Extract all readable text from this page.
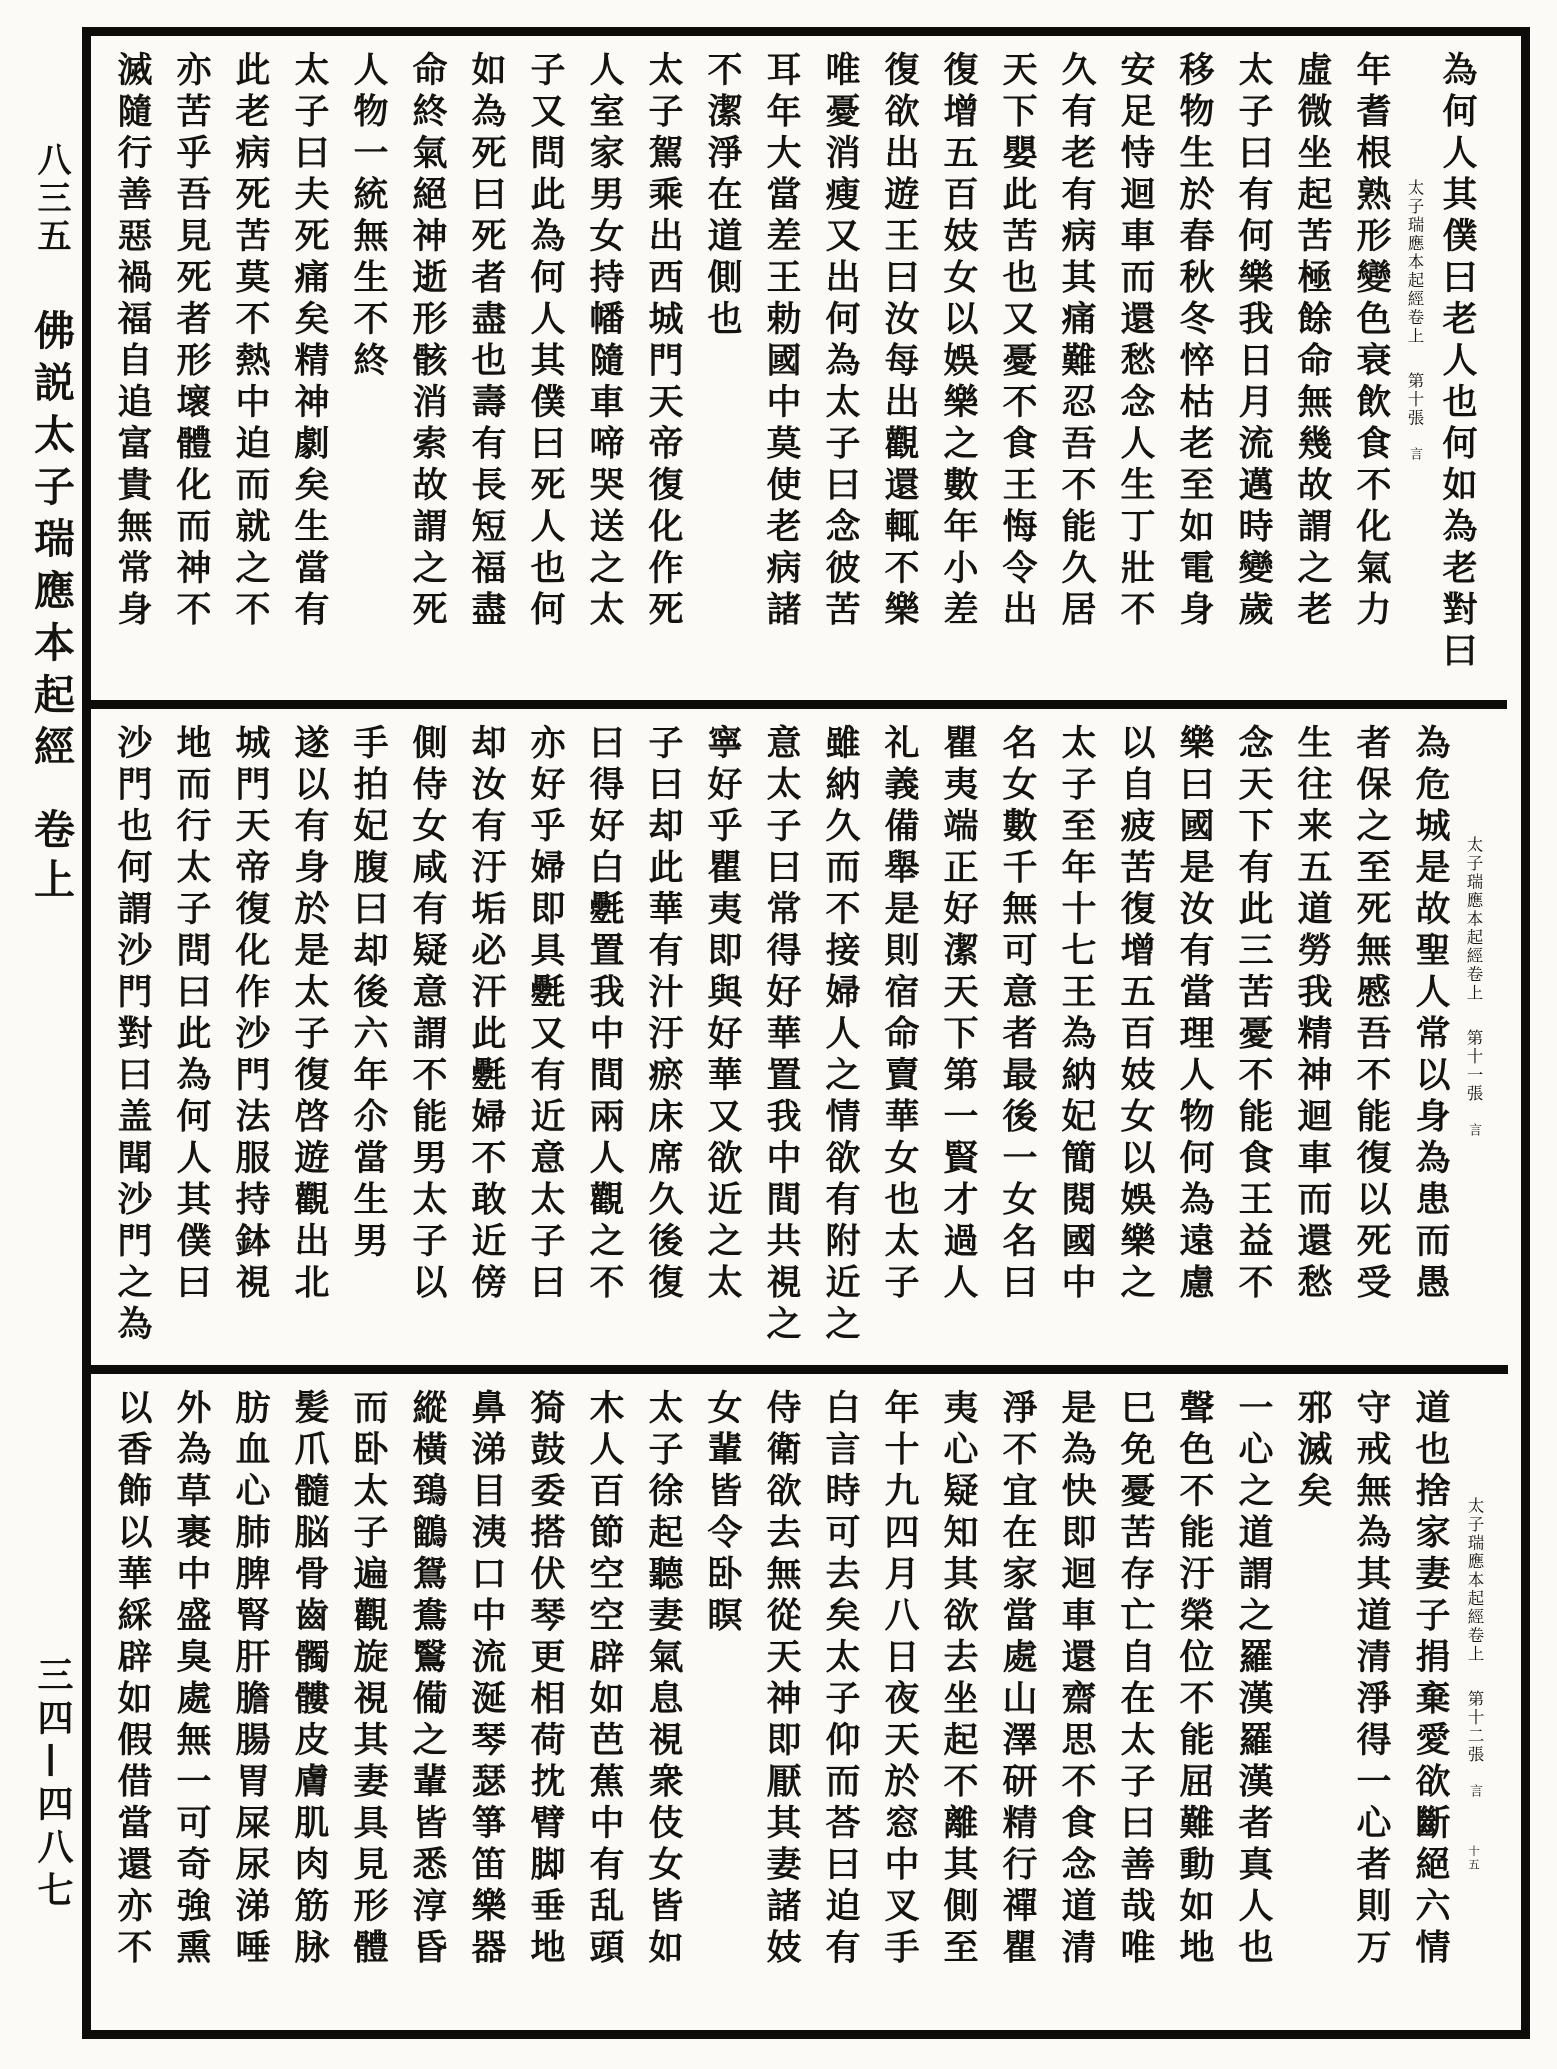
八三五 佛説太子瑞應本起經 卷上
三四—四八七
為何人其僕曰老人也何如為老對曰
太子瑞應本起經卷上第十張言
年耆根熟形變色衰飲食不化氣力
虛微坐起苦極餘命無幾故謂之老
太子曰有何樂我日月流邁時變歲
移物生於春秋冬悴枯老至如電身
安足恃迴車而還愁念人生丁壯不
久有老有病其痛難忍吾不能久居
天下嬰此苦也又憂不食王悔令出
復增五百妓女以娛樂之數年小差
復欲出遊王曰汝每出觀還輒不樂
唯憂消瘦又出何為太子曰念彼苦
耳年大當差王勅國中莫使老病諸
不潔淨在道側也
太子駕乘出西城門天帝復化作死
人室家男女持幡隨車啼哭送之太
子又問此為何人其僕曰死人也何
如為死曰死者盡也壽有長短福盡
命終氣絕神逝形骸消索故謂之死
人物一統無生不終
太子曰夫死痛矣精神劇矣生當有
此老病死苦莫不熱中迫而就之不
亦苦乎吾見死者形壞體化而神不
滅隨行善惡禍福自追富貴無常身
太子瑞應本起經卷上第十一張言
為危城是故聖人常以身為患而愚
者保之至死無慼吾不能復以死受
生往来五道勞我精神迴車而還愁
念天下有此三苦憂不能食王益不
樂曰國是汝有當理人物何為遠慮
以自疲苦復增五百妓女以娛樂之
太子至年十七王為納妃簡閱國中
名女數千無可意者最後一女名曰
瞿夷端正好潔天下第一賢才過人
礼義備舉是則宿命賣華女也太子
雖納久而不接婦人之情欲有附近之
意太子曰常得好華置我中間共視之
寧好乎瞿夷即與好華又欲近之太
子曰却此華有汁汙瘀床席久後復
曰得好白氎置我中間兩人觀之不
亦好乎婦即具氎又有近意太子曰
却汝有汙垢必汗此氎婦不敢近傍
側侍女咸有疑意謂不能男太子以
手拍妃腹曰却後六年尒當生男
遂以有身於是太子復啓遊觀出北
城門天帝復化作沙門法服持鉢視
地而行太子問曰此為何人其僕曰
沙門也何謂沙門對曰盖聞沙門之為
太子瑞應本起經卷上第十二張言十五
道也捨家妻子捐棄愛欲斷絕六情
守戒無為其道清淨得一心者則万
邪滅矣
一心之道謂之羅漢羅漢者真人也
聲色不能汙榮位不能屈難動如地
巳免憂苦存亡自在太子曰善哉唯
是為快即迴車還齋思不食念道清
淨不宜在家當處山澤研精行禪瞿
夷心疑知其欲去坐起不離其側至
年十九四月八日夜天於窓中叉手
白言時可去矣太子仰而荅曰迫有
侍衛欲去無從天神即厭其妻諸妓
女輩皆令卧瞑
太子徐起聽妻氣息視衆伎女皆如
木人百節空空辟如芭蕉中有乱頭
猗鼓委搭伏琴更相荷抌臂脚垂地
鼻涕目洟口中流涎琴瑟箏笛樂器
縱橫鵄鶹鴛鴦鷖僃之輩皆悉淳昏
而卧太子遍觀旋視其妻具見形體
髪爪髓脳骨齒髑髏皮膚肌肉筋脉
肪血心肺脾腎肝膽腸胃屎尿涕唾
外為草裹中盛臭處無一可奇強熏
以香飾以華綵辟如假借當還亦不
